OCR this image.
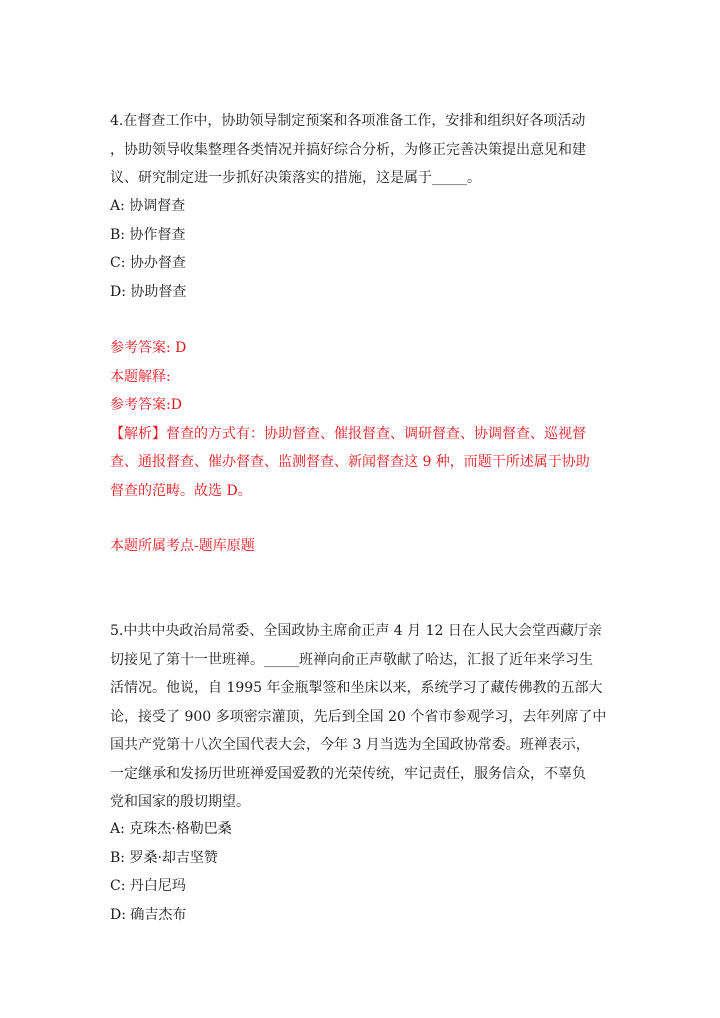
4.在督查工作中，协助领导制定预案和各项准备工作，安排和组织好各项活动
，协助领导收集整理各类情况并搞好综合分析，为修正完善决策提出意见和建
议、研究制定进一步抓好决策落实的措施，这是属于_____。
A: 协调督查
B: 协作督查
C: 协办督查
D: 协助督查
参考答案: D
本题解释:
参考答案:D
【解析】督查的方式有：协助督查、催报督查、调研督查、协调督查、巡视督
查、通报督查、催办督查、监测督查、新闻督查这 9 种，而题干所述属于协助
督查的范畴。故选 D。
本题所属考点-题库原题
5.中共中央政治局常委、全国政协主席俞正声 4 月 12 日在人民大会堂西藏厅亲
切接见了第十一世班禅。_____班禅向俞正声敬献了哈达，汇报了近年来学习生
活情况。他说，自 1995 年金瓶掣签和坐床以来，系统学习了藏传佛教的五部大
论，接受了 900 多项密宗灌顶，先后到全国 20 个省市参观学习，去年列席了中
国共产党第十八次全国代表大会，今年 3 月当选为全国政协常委。班禅表示，
一定继承和发扬历世班禅爱国爱教的光荣传统，牢记责任，服务信众，不辜负
党和国家的殷切期望。
A: 克珠杰·格勒巴桑
B: 罗桑·却吉坚赞
C: 丹白尼玛
D: 确吉杰布
